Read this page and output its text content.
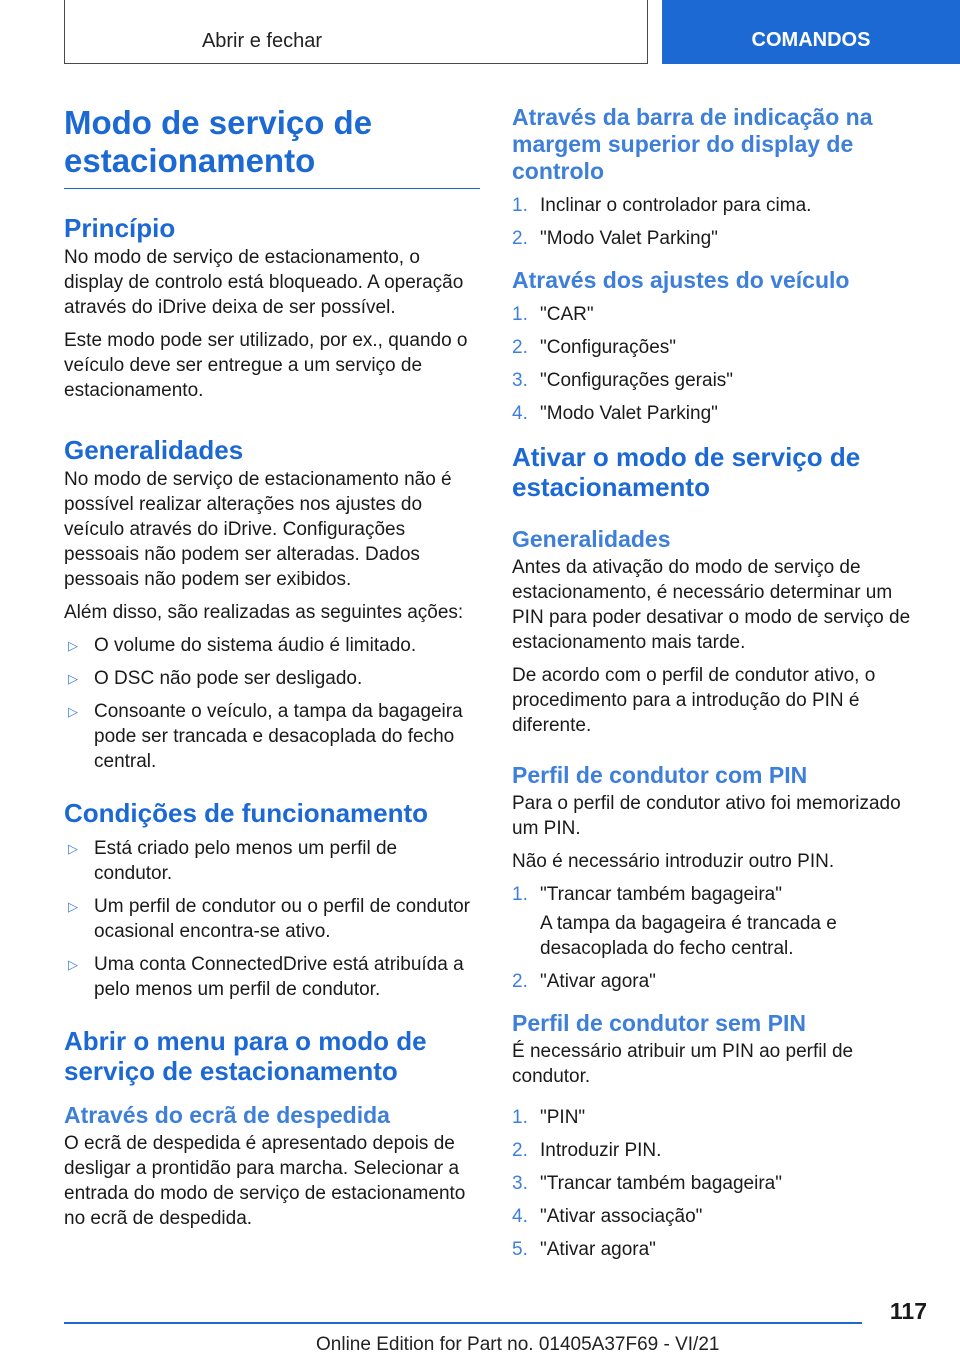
Abrir e fechar	COMANDOS
Modo de serviço de estacionamento
Princípio

No modo de serviço de estacionamento, o display de controlo está bloqueado. A operação através do iDrive deixa de ser possível.

Este modo pode ser utilizado, por ex., quando o veículo deve ser entregue a um serviço de estacionamento.

Generalidades

No modo de serviço de estacionamento não é possível realizar alterações nos ajustes do veículo através do iDrive. Configurações pessoais não podem ser alteradas. Dados pessoais não podem ser exibidos.

Além disso, são realizadas as seguintes ações:

▷ O volume do sistema áudio é limitado.
▷ O DSC não pode ser desligado.
▷ Consoante o veículo, a tampa da bagageira pode ser trancada e desacoplada do fecho central.
Condições de funcionamento
▷ Está criado pelo menos um perfil de condutor.
▷ Um perfil de condutor ou o perfil de condutor ocasional encontra-se ativo.
▷ Uma conta ConnectedDrive está atribuída a pelo menos um perfil de condutor.
Abrir o menu para o modo de serviço de estacionamento
Através do ecrã de despedida

O ecrã de despedida é apresentado depois de desligar a prontidão para marcha. Selecionar a entrada do modo de serviço de estacionamento no ecrã de despedida.

Através da barra de indicação na margem superior do display de controlo
1. Inclinar o controlador para cima.
2. "Modo Valet Parking"
Através dos ajustes do veículo
1. "CAR"
2. "Configurações"
3. "Configurações gerais"
4. "Modo Valet Parking"
Ativar o modo de serviço de estacionamento
Generalidades

Antes da ativação do modo de serviço de estacionamento, é necessário determinar um PIN para poder desativar o modo de serviço de estacionamento mais tarde.

De acordo com o perfil de condutor ativo, o procedimento para a introdução do PIN é diferente.

Perfil de condutor com PIN

Para o perfil de condutor ativo foi memorizado um PIN.

Não é necessário introduzir outro PIN.

1. "Trancar também bagageira"
A tampa da bagageira é trancada e desacoplada do fecho central.
2. "Ativar agora"
Perfil de condutor sem PIN

É necessário atribuir um PIN ao perfil de condutor.

1. "PIN"
2. Introduzir PIN.
3. "Trancar também bagageira"
4. "Ativar associação"
5. "Ativar agora"
117
Online Edition for Part no. 01405A37F69 - VI/21
